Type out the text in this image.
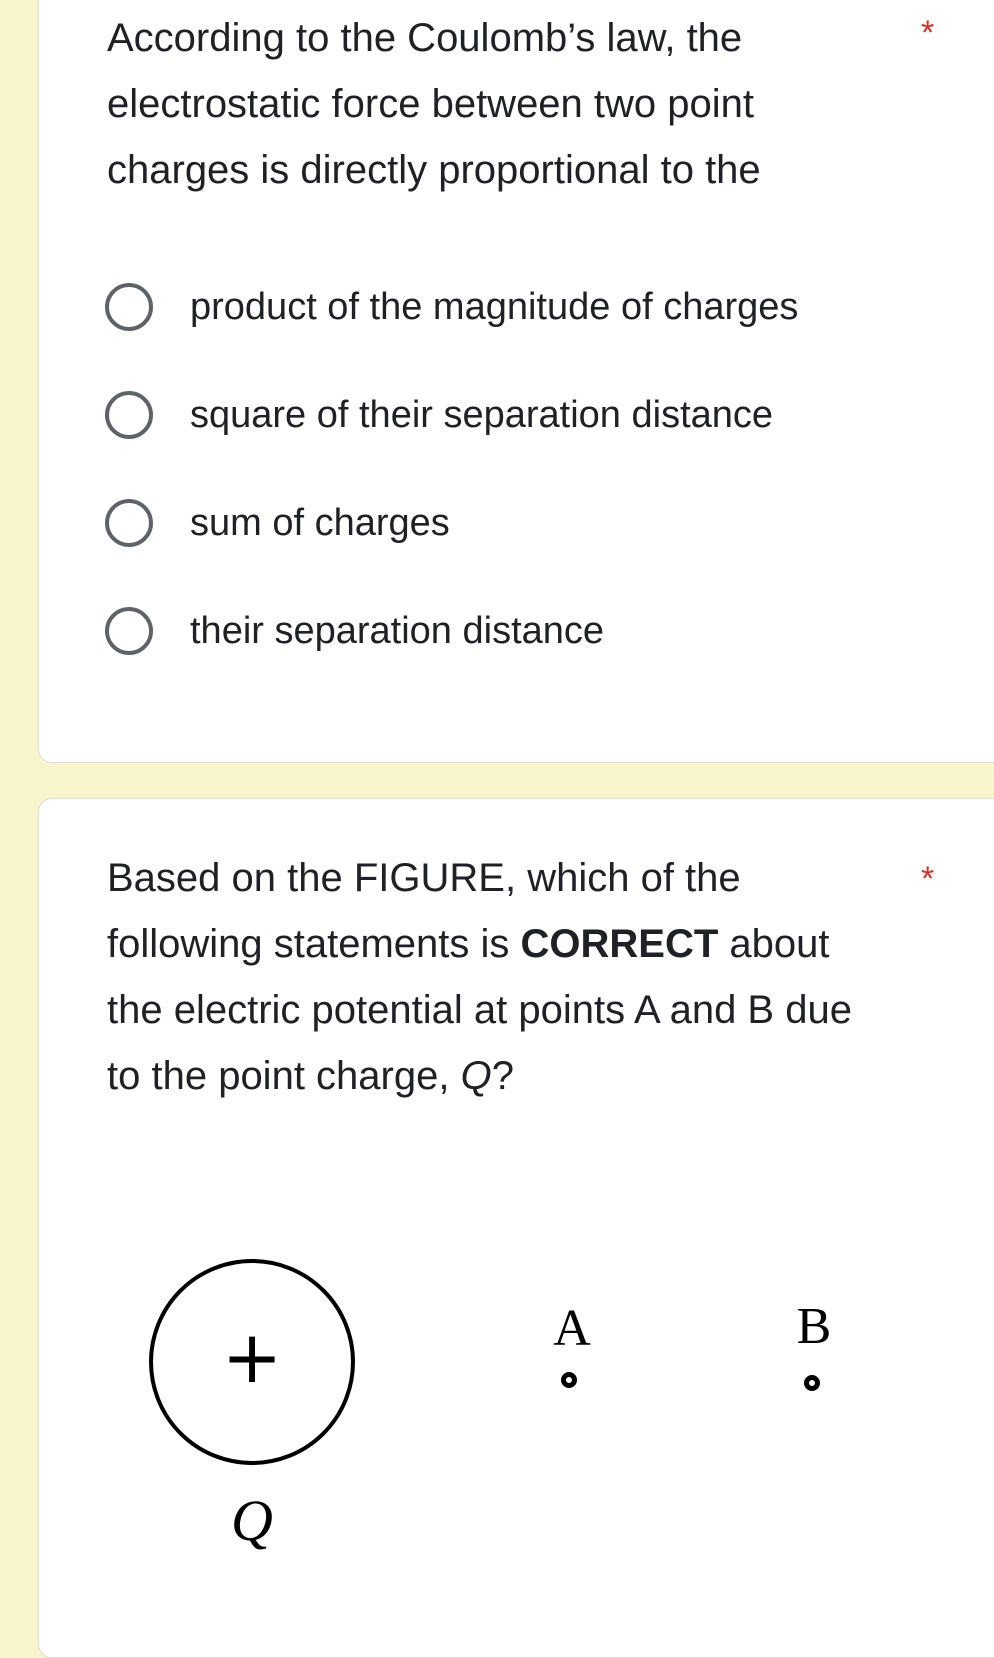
According to the Coulomb’s law, the electrostatic force between two point charges is directly proportional to the
*
product of the magnitude of charges
square of their separation distance
sum of charges
their separation distance
Based on the FIGURE, which of the following statements is CORRECT about the electric potential at points A and B due to the point charge, Q?
*
+
Q
A	B
